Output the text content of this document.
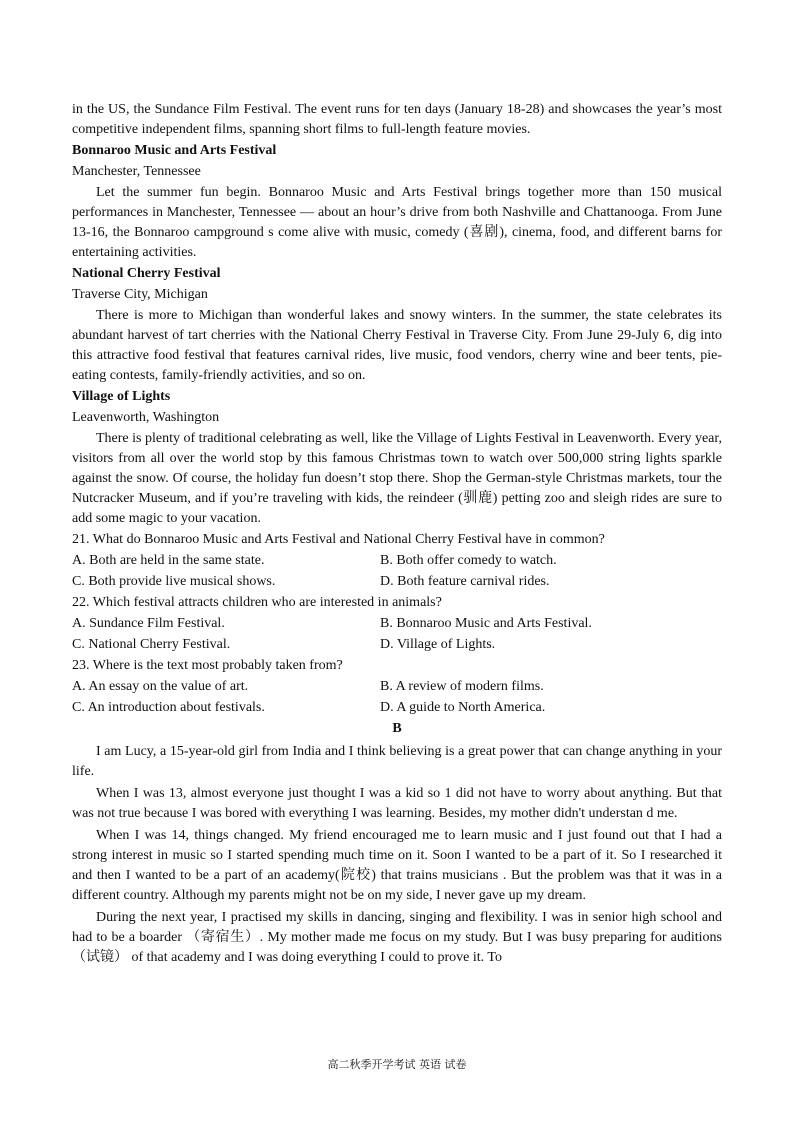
in the US, the Sundance Film Festival. The event runs for ten days (January 18-28) and showcases the year’s most competitive independent films, spanning short films to full-length feature movies.

Bonnaroo Music and Arts Festival

Manchester, Tennessee

Let the summer fun begin. Bonnaroo Music and Arts Festival brings together more than 150 musical performances in Manchester, Tennessee — about an hour’s drive from both Nashville and Chattanooga. From June 13-16, the Bonnaroo campground s come alive with music, comedy (喜剧), cinema, food, and different barns for entertaining activities.

National Cherry Festival

Traverse City, Michigan

There is more to Michigan than wonderful lakes and snowy winters. In the summer, the state celebrates its abundant harvest of tart cherries with the National Cherry Festival in Traverse City. From June 29-July 6, dig into this attractive food festival that features carnival rides, live music, food vendors, cherry wine and beer tents, pie-eating contests, family-friendly activities, and so on.

Village of Lights

Leavenworth, Washington

There is plenty of traditional celebrating as well, like the Village of Lights Festival in Leavenworth. Every year, visitors from all over the world stop by this famous Christmas town to watch over 500,000 string lights sparkle against the snow. Of course, the holiday fun doesn’t stop there. Shop the German-style Christmas markets, tour the Nutcracker Museum, and if you’re traveling with kids, the reindeer (驯鹿) petting zoo and sleigh rides are sure to add some magic to your vacation.

21. What do Bonnaroo Music and Arts Festival and National Cherry Festival have in common?

A. Both are held in the same state.	B. Both offer comedy to watch.
C. Both provide live musical shows.	D. Both feature carnival rides.

22. Which festival attracts children who are interested in animals?

A. Sundance Film Festival.	B. Bonnaroo Music and Arts Festival.
C. National Cherry Festival.	D. Village of Lights.

23. Where is the text most probably taken from?

A. An essay on the value of art.	B. A review of modern films.
C. An introduction about festivals.	D. A guide to North America.
B

I am Lucy, a 15-year-old girl from India and I think believing is a great power that can change anything in your life.

When I was 13, almost everyone just thought I was a kid so 1 did not have to worry about anything. But that was not true because I was bored with everything I was learning. Besides, my mother didn't understan d me.

When I was 14, things changed. My friend encouraged me to learn music and I just found out that I had a strong interest in music so I started spending much time on it. Soon I wanted to be a part of it. So I researched it and then I wanted to be a part of an academy(院校) that trains musicians . But the problem was that it was in a different country. Although my parents might not be on my side, I never gave up my dream.

During the next year, I practised my skills in dancing, singing and flexibility. I was in senior high school and had to be a boarder （寄宿生）. My mother made me focus on my study. But I was busy preparing for auditions （试镜） of that academy and I was doing everything I could to prove it. To

高二秋季开学考试 英语 试卷
